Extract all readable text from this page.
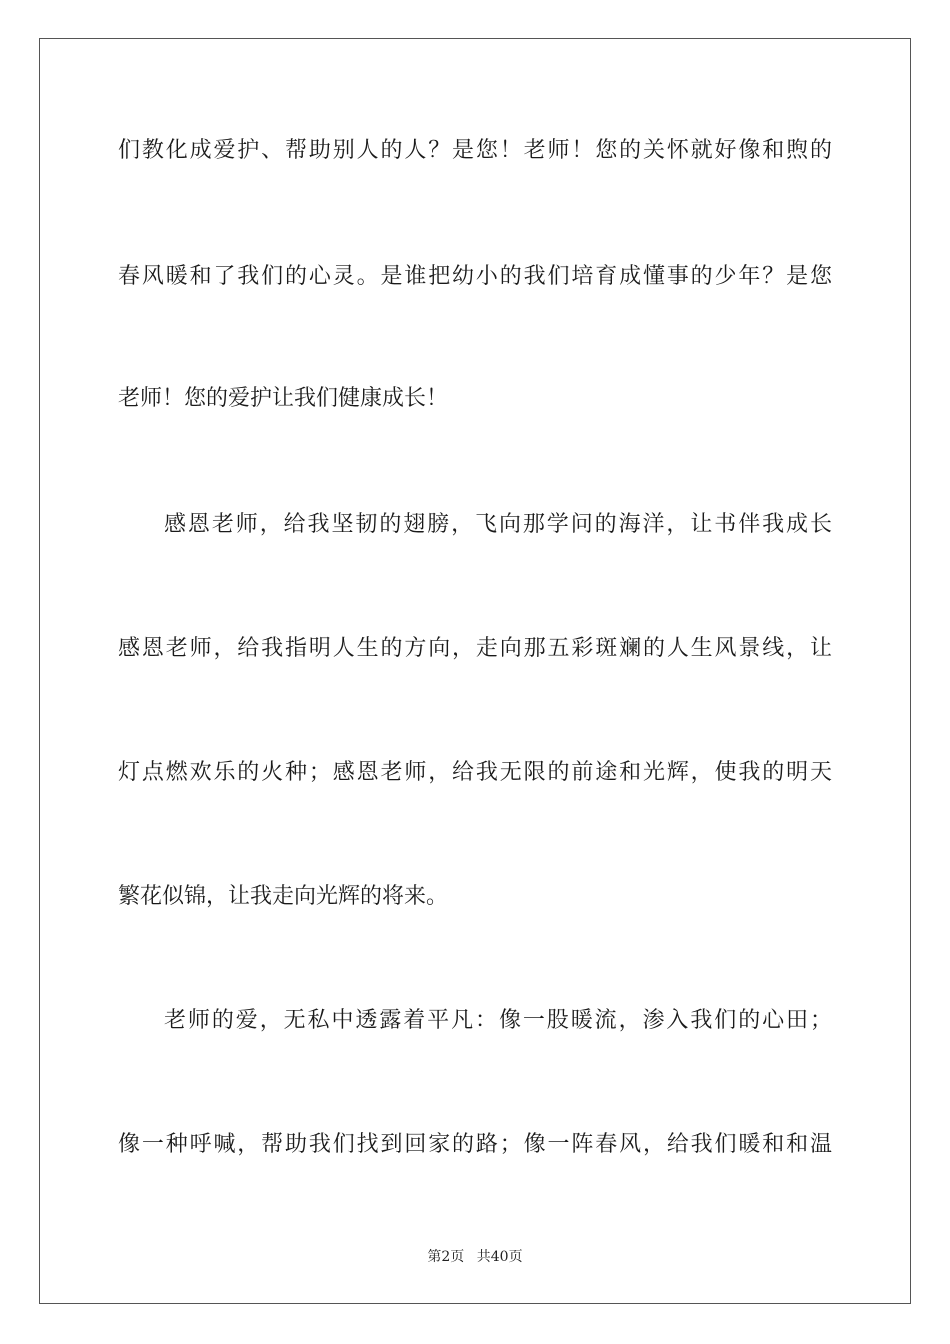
们教化成爱护、帮助别人的人？是您！老师！您的关怀就好像和煦的
春风暖和了我们的心灵。是谁把幼小的我们培育成懂事的少年？是您
老师！您的爱护让我们健康成长！
感恩老师，给我坚韧的翅膀，飞向那学问的海洋，让书伴我成长
感恩老师，给我指明人生的方向，走向那五彩斑斓的人生风景线，让
灯点燃欢乐的火种；感恩老师，给我无限的前途和光辉，使我的明天
繁花似锦，让我走向光辉的将来。
老师的爱，无私中透露着平凡：像一股暖流，渗入我们的心田；
像一种呼喊，帮助我们找到回家的路；像一阵春风，给我们暖和和温
第2页 共40页
